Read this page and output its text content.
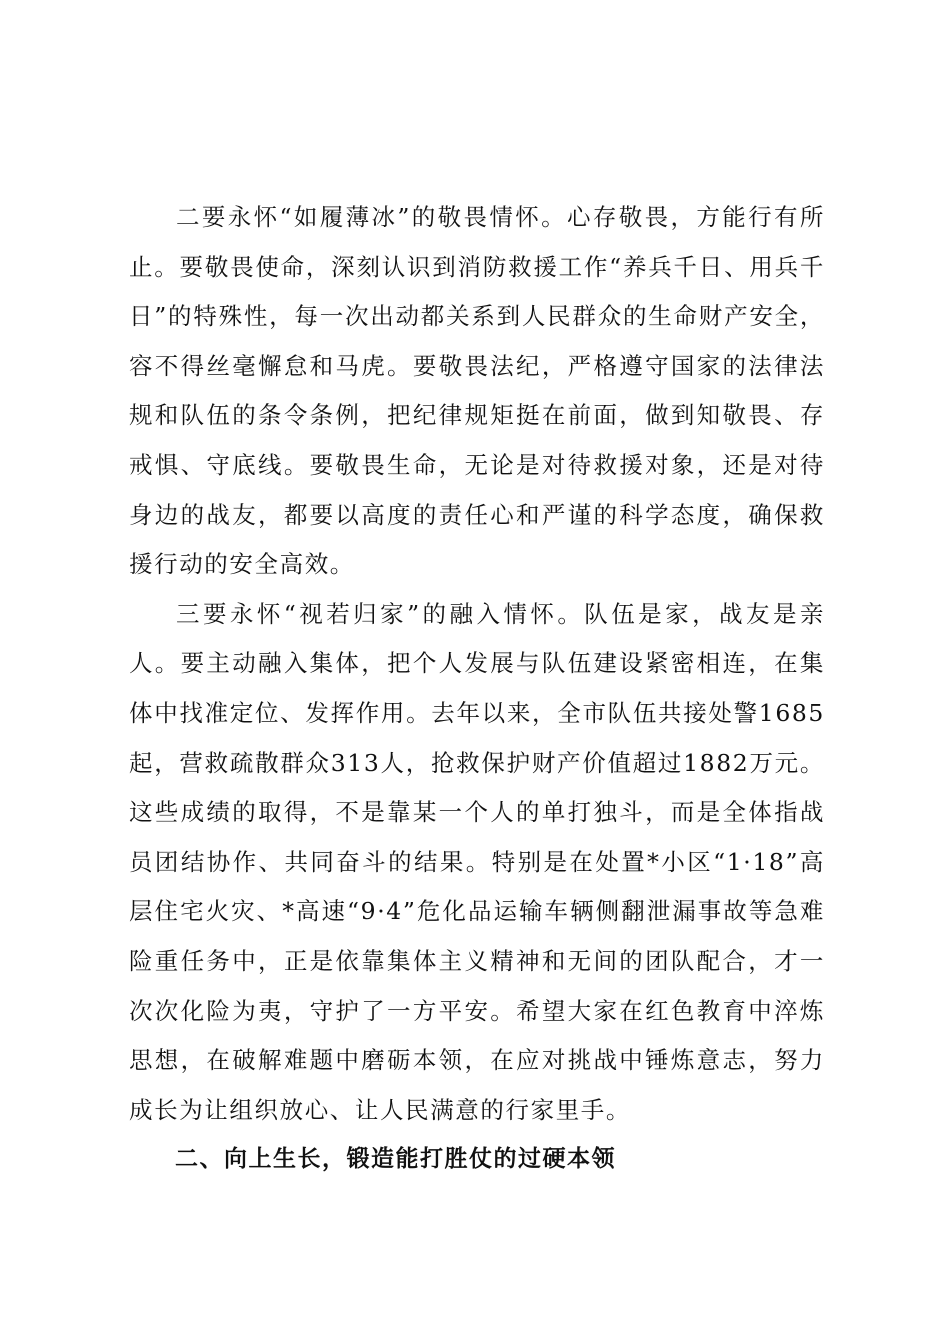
二要永怀“如履薄冰”的敬畏情怀。心存敬畏，方能行有所止。要敬畏使命，深刻认识到消防救援工作“养兵千日、用兵千日”的特殊性，每一次出动都关系到人民群众的生命财产安全，容不得丝毫懈怠和马虎。要敬畏法纪，严格遵守国家的法律法规和队伍的条令条例，把纪律规矩挺在前面，做到知敬畏、存戒惧、守底线。要敬畏生命，无论是对待救援对象，还是对待身边的战友，都要以高度的责任心和严谨的科学态度，确保救援行动的安全高效。

三要永怀“视若归家”的融入情怀。队伍是家，战友是亲人。要主动融入集体，把个人发展与队伍建设紧密相连，在集体中找准定位、发挥作用。去年以来，全市队伍共接处警1685起，营救疏散群众313人，抢救保护财产价值超过1882万元。这些成绩的取得，不是靠某一个人的单打独斗，而是全体指战员团结协作、共同奋斗的结果。特别是在处置*小区“1·18”高层住宅火灾、*高速“9·4”危化品运输车辆侧翻泄漏事故等急难险重任务中，正是依靠集体主义精神和无间的团队配合，才一次次化险为夷，守护了一方平安。希望大家在红色教育中淬炼思想，在破解难题中磨砺本领，在应对挑战中锤炼意志，努力成长为让组织放心、让人民满意的行家里手。

二、向上生长，锻造能打胜仗的过硬本领
